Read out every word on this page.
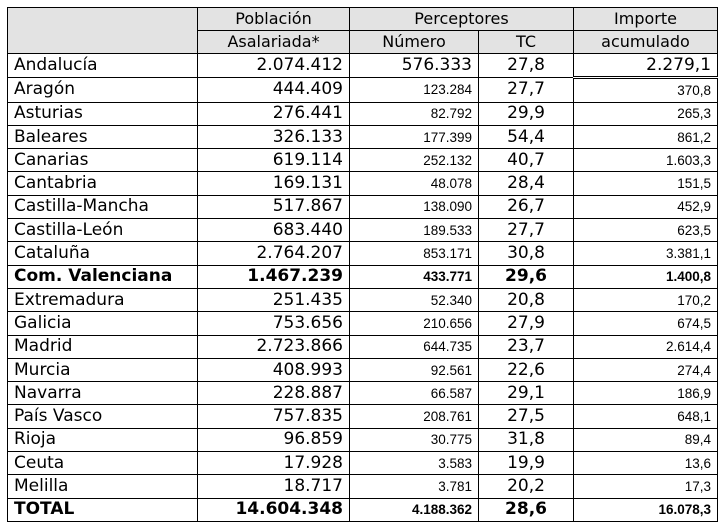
	Población	Perceptores		Importe
	Asalariada*	Número	TC	acumulado
Andalucía	2.074.412	576.333	27,8	2.279,1
Aragón	444.409	123.284	27,7	370,8
Asturias	276.441	82.792	29,9	265,3
Baleares	326.133	177.399	54,4	861,2
Canarias	619.114	252.132	40,7	1.603,3
Cantabria	169.131	48.078	28,4	151,5
Castilla-Mancha	517.867	138.090	26,7	452,9
Castilla-León	683.440	189.533	27,7	623,5
Cataluña	2.764.207	853.171	30,8	3.381,1
Com. Valenciana	1.467.239	433.771	29,6	1.400,8
Extremadura	251.435	52.340	20,8	170,2
Galicia	753.656	210.656	27,9	674,5
Madrid	2.723.866	644.735	23,7	2.614,4
Murcia	408.993	92.561	22,6	274,4
Navarra	228.887	66.587	29,1	186,9
País Vasco	757.835	208.761	27,5	648,1
Rioja	96.859	30.775	31,8	89,4
Ceuta	17.928	3.583	19,9	13,6
Melilla	18.717	3.781	20,2	17,3
TOTAL	14.604.348	4.188.362	28,6	16.078,3
